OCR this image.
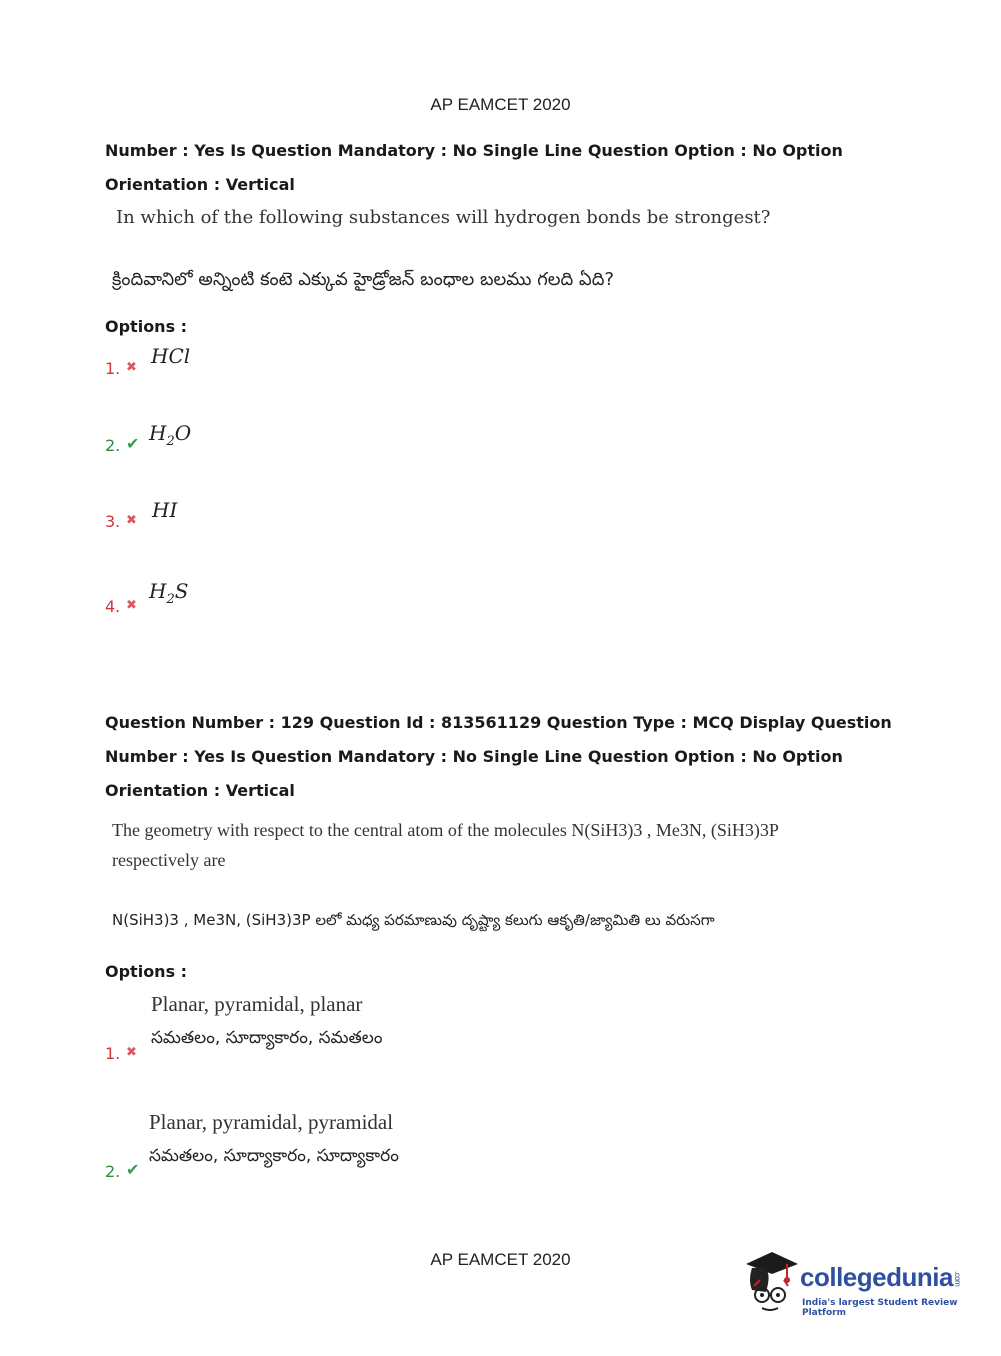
AP EAMCET 2020
Number : Yes Is Question Mandatory : No Single Line Question Option : No Option
Orientation : Vertical
In which of the following substances will hydrogen bonds be strongest?
క్రిందివానిలో అన్నింటి కంటె ఎక్కువ హైడ్రోజన్ బంధాల బలము గలది ఏది?
Options :
1. ✖ HCl
2. ✔ $H_2O$
3. ✖ HI
4. ✖
$H_2S$
Question Number : 129 Question Id : 813561129 Question Type : MCQ Display Question
Number : Yes Is Question Mandatory : No Single Line Question Option : No Option
Orientation : Vertical
The geometry with respect to the central atom of the molecules N(SiH3)3 , Me3N, (SiH3)3P
respectively are
N(SiH3)3 , Me3N, (SiH3)3P లలో మధ్య పరమాణువు దృష్ట్యా కలుగు ఆకృతి/జ్యామితి లు వరుసగా
Options :
Planar, pyramidal, planar
సమతలం, సూద్యాకారం, సమతలం
1. ✖
Planar, pyramidal, pyramidal
సమతలం, సూద్యాకారం, సూద్యాకారం
2. ✔
AP EAMCET 2020
collegedunia.com
India's largest Student Review Platform
